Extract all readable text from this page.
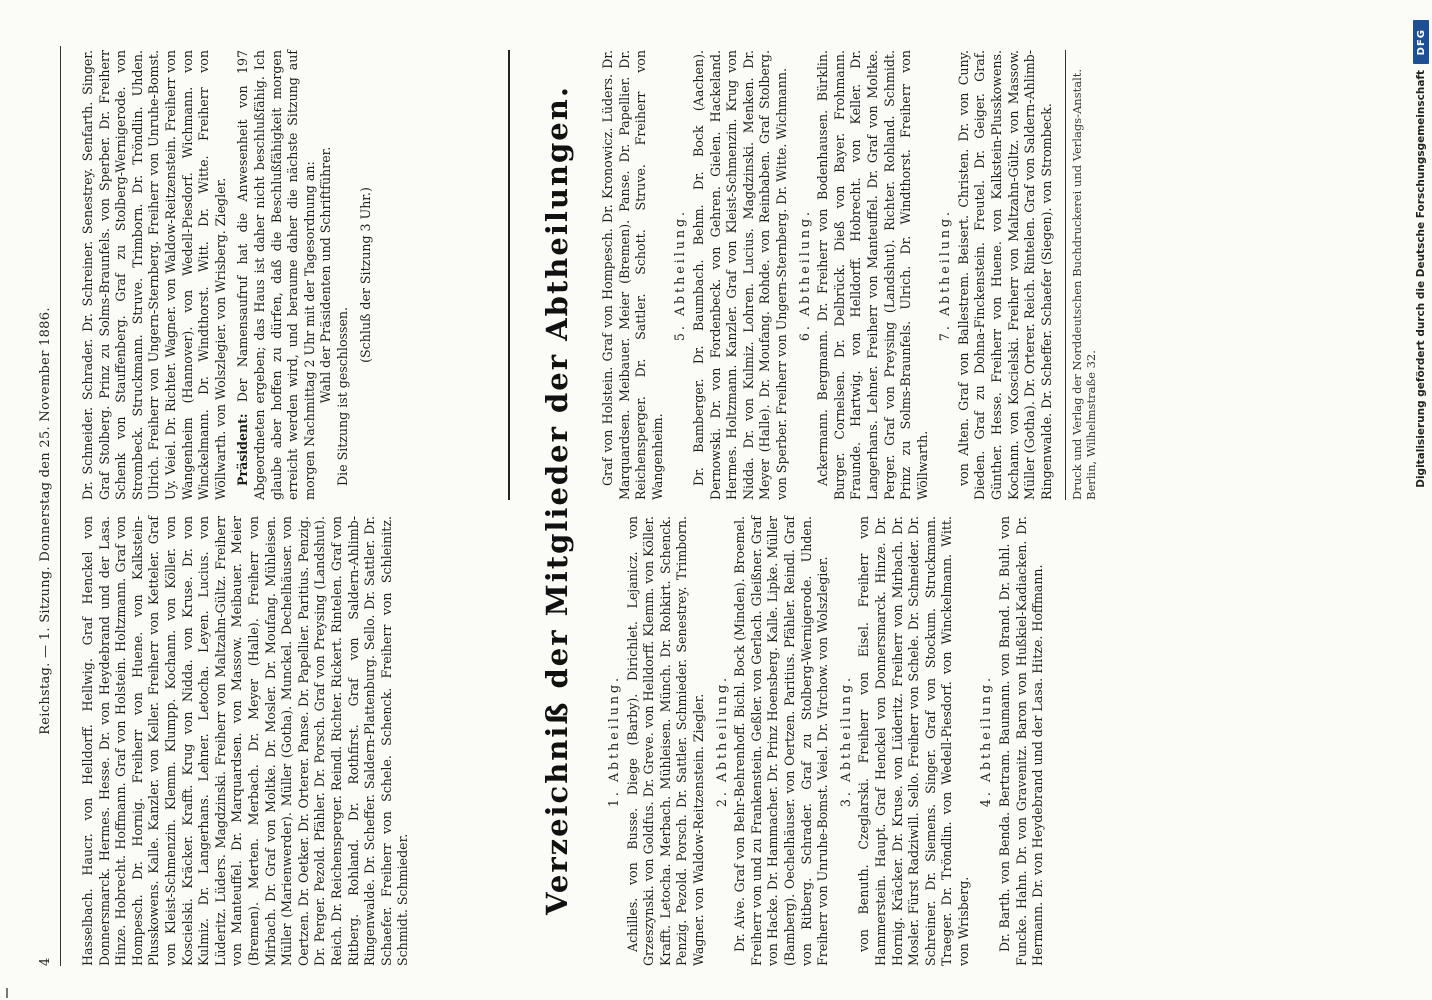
4
Reichstag. — 1. Sitzung. Donnerstag den 25. November 1886. Hasselbach. Haucr. von Helldorff. Hellwig. Graf Henckel von Donnersmarck. Hermes. Hesse. Dr. von Heydebrand und der Lasa. Hinze. Hobrecht. Hoffmann. Graf von Holstein. Holtzmann. Graf von Hompesch. Dr. Hornig. Freiherr von Huene. von Kalkstein-Plusskowens. Kalle. Kanzler. von Keller. Freiherr von Ketteler. Graf von Kleist-Schmenzin. Klemm. Klumpp. Kochann. von Köller. von Koscielski. Kräcker. Krafft. Krug von Nidda. von Kruse. Dr. von Kulmiz. Dr. Langerhans. Lehner. Letocha. Leyen. Lucius. von Lüderitz. Lüders. Magdzinski. Freiherr von Maltzahn-Gültz. Freiherr von Manteuffel. Dr. Marquardsen. von Massow. Meibauer. Meier (Bremen). Merten. Merbach. Dr. Meyer (Halle). Freiherr von Mirbach. Dr. Graf von Moltke. Dr. Mosler. Dr. Moufang. Mühleisen. Müller (Marienwerder). Müller (Gotha). Munckel. Dechelhäuser. von Oertzen. Dr. Oetker. Dr. Orterer. Panse. Dr. Papellier. Paritius. Penzig. Dr. Perger. Pezold. Pfähler. Dr. Porsch. Graf von Preysing (Landshut). Reich. Dr. Reichensperger. Reindl. Richter. Rickert. Rintelen. Graf von Ritberg. Rohland. Dr. Rothfirst. Graf von Saldern-Ahlimb-Ringenwalde. Dr. Scheffer. Saldern-Plattenburg. Sello. Dr. Sattler. Dr. Schaefer. Freiherr von Schele. Schenck. Freiherr von Schleinitz. Schmidt. Schmieder.

Dr. Schneider. Schrader. Dr. Schreiner. Senestrey. Senfarth. Singer. Graf Stolberg. Prinz zu Solms-Braunfels. von Sperber. Dr. Freiherr Schenk von Stauffenberg. Graf zu Stolberg-Wernigerode. von Strombeck. Struckmann. Struve. Trimborn. Dr. Tröndlin. Uhden. Ulrich. Freiherr von Ungern-Sternberg. Freiherr von Unruhe-Bomst. Uy. Veiel. Dr. Richter. Wagner. von Waldow-Reitzenstein. Freiherr von Wangenheim (Hannover). von Wedell-Piesdorf. Wichmann. von Winckelmann. Dr. Windthorst. Witt. Dr. Witte. Freiherr von Wöllwarth. von Wolszlegier. von Wrisberg. Ziegler. Präsident: Der Namensaufruf hat die Anwesenheit von 197 Abgeordneten ergeben; das Haus ist daher nicht beschlußfähig. Ich glaube aber hoffen zu dürfen, daß die Beschlußfähigkeit morgen erreicht werden wird, und beraume daher die nächste Sitzung auf morgen Nachmittag 2 Uhr mit der Tagesordnung an: Wahl der Präsidenten und Schriftführer. Die Sitzung ist geschlossen.

(Schluß der Sitzung 3 Uhr.)	Verzeichniß der Mitglieder der Abtheilungen.	1. Abtheilung. Achilles. von Busse. Diege (Barby). Dirichlet. Lejanicz. von Grzeszynski. von Goldfus. Dr. Greve. von Helldorff. Klemm. von Köller. Krafft. Letocha. Merbach. Mühleisen. Münch. Dr. Rohkirt. Schenck. Penzig. Pezold. Porsch. Dr. Sattler. Schmieder. Senestrey. Trimborn. Wagner. von Waldow-Reitzenstein. Ziegler. 2. Abtheilung. Dr. Aive. Graf von Behr-Behrenhoff. Bichl. Bock (Minden). Broemel. Freiherr von und zu Frankenstein. Geßler. von Gerlach. Gleißner. Graf von Hacke. Dr. Hammacher. Dr. Prinz Hoensberg. Kalle. Lipke. Müller (Bamberg). Oechelhäuser. von Oertzen. Paritius. Pfähler. Reindl. Graf von Ritberg. Schrader. Graf zu Stolberg-Wernigerode. Uhden. Freiherr von Unruhe-Bomst. Veiel. Dr. Virchow. von Wolszlegier. 3. Abtheilung. von Benuth. Czeglarski. Freiherr von Eisel. Freiherr von Hammerstein. Haupt. Graf Henckel von Donnersmarck. Hinze. Dr. Hornig. Kräcker. Dr. Kruse. von Lüderitz. Freiherr von Mirbach. Dr. Mosler. Fürst Radziwill. Sello. Freiherr von Schele. Dr. Schneider. Dr. Schreiner. Dr. Siemens. Singer. Graf von Stockum. Struckmann. Traeger. Dr. Tröndlin. von Wedell-Piesdorf. von Winckelmann. Witt. von Wrisberg.

4. Abtheilung. Dr. Barth. von Benda. Bertram. Baumann. von Brand. Dr. Buhl. von Funcke. Hahn. Dr. von Gravenitz. Baron von Hußkiel-Kadiacken. Dr. Hermann. Dr. von Heydebrand und der Lasa. Hitze. Hoffmann.

Graf von Holstein. Graf von Hompesch. Dr. Kronowicz. Lüders. Dr. Marquardsen. Meibauer. Meier (Bremen). Panse. Dr. Papellier. Dr. Reichensperger. Dr. Sattler. Schott. Struve. Freiherr von Wangenheim.

5. Abtheilung. Dr. Bamberger. Dr. Baumbach. Behm. Dr. Bock (Aachen). Dernowski. Dr. von Fordenbeck. von Gehren. Gielen. Hackeland. Hermes. Holtzmann. Kanzler. Graf von Kleist-Schmenzin. Krug von Nidda. Dr. von Kulmiz. Lohren. Lucius. Magdzinski. Menken. Dr. Meyer (Halle). Dr. Moufang. Rohde. von Reinbaben. Graf Stolberg. von Sperber. Freiherr von Ungern-Sternberg. Dr. Witte. Wichmann. 6. Abtheilung. Ackermann. Bergmann. Dr. Freiherr von Bodenhausen. Bürklin. Burger. Cornelsen. Dr. Delbrück. Dieß von Bayer. Frohmann. Fraunde. Hartwig. von Helldorff. Hobrecht. von Keller. Dr. Langerhans. Lehner. Freiherr von Manteuffel. Dr. Graf von Moltke. Perger. Graf von Preysing (Landshut). Richter. Rohland. Schmidt. Prinz zu Solms-Braunfels. Ulrich. Dr. Windthorst. Freiherr von Wöllwarth.

7. Abtheilung. von Alten. Graf von Ballestrem. Beisert. Christen. Dr. von Cuny. Dieden. Graf zu Dohna-Finckenstein. Freutel. Dr. Geiger. Graf. Günther. Hesse. Freiherr von Huene. von Kalkstein-Plusskowens. Kochann. von Koscielski. Freiherr von Maltzahn-Gültz. von Massow. Müller (Gotha). Dr. Orterer. Reich. Rintelen. Graf von Saldern-Ahlimb-Ringenwalde. Dr. Scheffer. Schaefer (Siegen). von Strombeck. Druck und Verlag der Norddeutschen Buchdruckerei und Verlags-Anstalt. Berlin, Wilhelmstraße 32.

DFG
Digitalisierung gefördert durch die Deutsche Forschungsgemeinschaft
